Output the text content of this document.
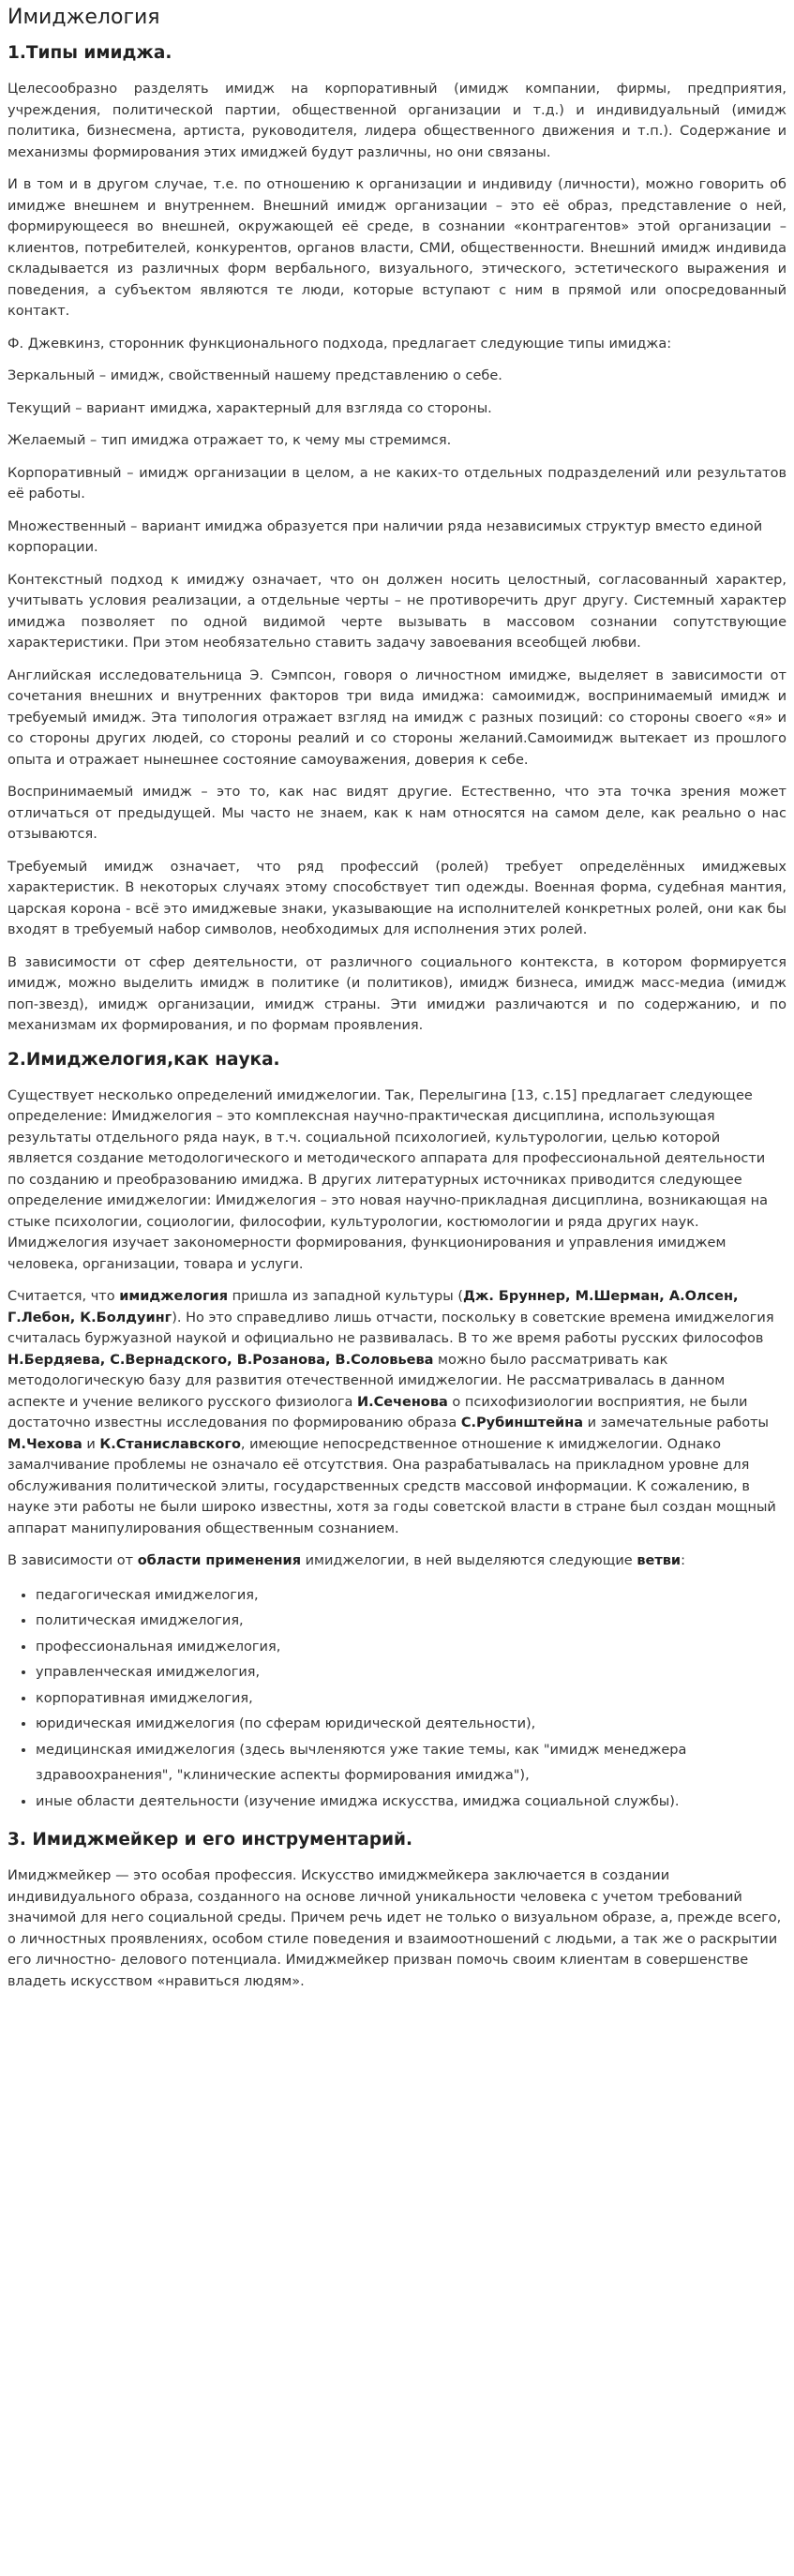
Имиджелогия
1.Типы имиджа.

Целесообразно разделять имидж на корпоративный (имидж компании, фирмы, предприятия, учреждения, политической партии, общественной организации и т.д.) и индивидуальный (имидж политика, бизнесмена, артиста, руководителя, лидера общественного движения и т.п.). Содержание и механизмы формирования этих имиджей будут различны, но они связаны.

И в том и в другом случае, т.е. по отношению к организации и индивиду (личности), можно говорить об имидже внешнем и внутреннем. Внешний имидж организации – это её образ, представление о ней, формирующееся во внешней, окружающей её среде, в сознании «контрагентов» этой организации – клиентов, потребителей, конкурентов, органов власти, СМИ, общественности. Внешний имидж индивида складывается из различных форм вербального, визуального, этического, эстетического выражения и поведения, а субъектом являются те люди, которые вступают с ним в прямой или опосредованный контакт.

Ф. Джевкинз, сторонник функционального подхода, предлагает следующие типы имиджа:

Зеркальный – имидж, свойственный нашему представлению о себе.

Текущий – вариант имиджа, характерный для взгляда со стороны.

Желаемый – тип имиджа отражает то, к чему мы стремимся.

Корпоративный – имидж организации в целом, а не каких-то отдельных подразделений или результатов её работы.

Множественный – вариант имиджа образуется при наличии ряда независимых структур вместо единой корпорации.

Контекстный подход к имиджу означает, что он должен носить целостный, согласованный характер, учитывать условия реализации, а отдельные черты – не противоречить друг другу. Системный характер имиджа позволяет по одной видимой черте вызывать в массовом сознании сопутствующие характеристики. При этом необязательно ставить задачу завоевания всеобщей любви.

Английская исследовательница Э. Сэмпсон, говоря о личностном имидже, выделяет в зависимости от сочетания внешних и внутренних факторов три вида имиджа: самоимидж, воспринимаемый имидж и требуемый имидж. Эта типология отражает взгляд на имидж с разных позиций: со стороны своего «я» и со стороны других людей, со стороны реалий и со стороны желаний.Самоимидж вытекает из прошлого опыта и отражает нынешнее состояние самоуважения, доверия к себе.

Воспринимаемый имидж – это то, как нас видят другие. Естественно, что эта точка зрения может отличаться от предыдущей. Мы часто не знаем, как к нам относятся на самом деле, как реально о нас отзываются.

Требуемый имидж означает, что ряд профессий (ролей) требует определённых имиджевых характеристик. В некоторых случаях этому способствует тип одежды. Военная форма, судебная мантия, царская корона - всё это имиджевые знаки, указывающие на исполнителей конкретных ролей, они как бы входят в требуемый набор символов, необходимых для исполнения этих ролей.

В зависимости от сфер деятельности, от различного социального контекста, в котором формируется имидж, можно выделить имидж в политике (и политиков), имидж бизнеса, имидж масс-медиа (имидж поп-звезд), имидж организации, имидж страны. Эти имиджи различаются и по содержанию, и по механизмам их формирования, и по формам проявления.

2.Имиджелогия,как наука.

Существует несколько определений имиджелогии. Так, Перелыгина [13, с.15] предлагает следующее определение: Имиджелогия – это комплексная научно-практическая дисциплина, использующая результаты отдельного ряда наук, в т.ч. социальной психологией, культурологии, целью которой является создание методологического и методического аппарата для профессиональной деятельности по созданию и преобразованию имиджа. В других литературных источниках приводится следующее определение имиджелогии: Имиджелогия – это новая научно-прикладная дисциплина, возникающая на стыке психологии, социологии, философии, культурологии, костюмологии и ряда других наук. Имиджелогия изучает закономерности формирования, функционирования и управления имиджем человека, организации, товара и услуги.

Считается, что имиджелогия пришла из западной культуры (Дж. Бруннер, М.Шерман, А.Олсен, Г.Лебон, К.Болдуинг). Но это справедливо лишь отчасти, поскольку в советские времена имиджелогия считалась буржуазной наукой и официально не развивалась. В то же время работы русских философов Н.Бердяева, С.Вернадского, В.Розанова, В.Соловьева можно было рассматривать как методологическую базу для развития отечественной имиджелогии. Не рассматривалась в данном аспекте и учение великого русского физиолога И.Сеченова о психофизиологии восприятия, не были достаточно известны исследования по формированию образа С.Рубинштейна и замечательные работы М.Чехова и К.Станиславского, имеющие непосредственное отношение к имиджелогии. Однако замалчивание проблемы не означало её отсутствия. Она разрабатывалась на прикладном уровне для обслуживания политической элиты, государственных средств массовой информации. К сожалению, в науке эти работы не были широко известны, хотя за годы советской власти в стране был создан мощный аппарат манипулирования общественным сознанием.

В зависимости от области применения имиджелогии, в ней выделяются следующие ветви:

• педагогическая имиджелогия,
• политическая имиджелогия,
• профессиональная имиджелогия,
• управленческая имиджелогия,
• корпоративная имиджелогия,
• юридическая имиджелогия (по сферам юридической деятельности),
• медицинская имиджелогия (здесь вычленяются уже такие темы, как "имидж менеджера здравоохранения", "клинические аспекты формирования имиджа"),
• иные области деятельности (изучение имиджа искусства, имиджа социальной службы).
3. Имиджмейкер и его инструментарий.

Имиджмейкер — это особая профессия. Искусство имиджмейкера заключается в создании индивидуального образа, созданного на основе личной уникальности человека с учетом требований значимой для него социальной среды. Причем речь идет не только о визуальном образе, а, прежде всего, о личностных проявлениях, особом стиле поведения и взаимоотношений с людьми, а так же о раскрытии его личностно- делового потенциала. Имиджмейкер призван помочь своим клиентам в совершенстве владеть искусством «нравиться людям».
